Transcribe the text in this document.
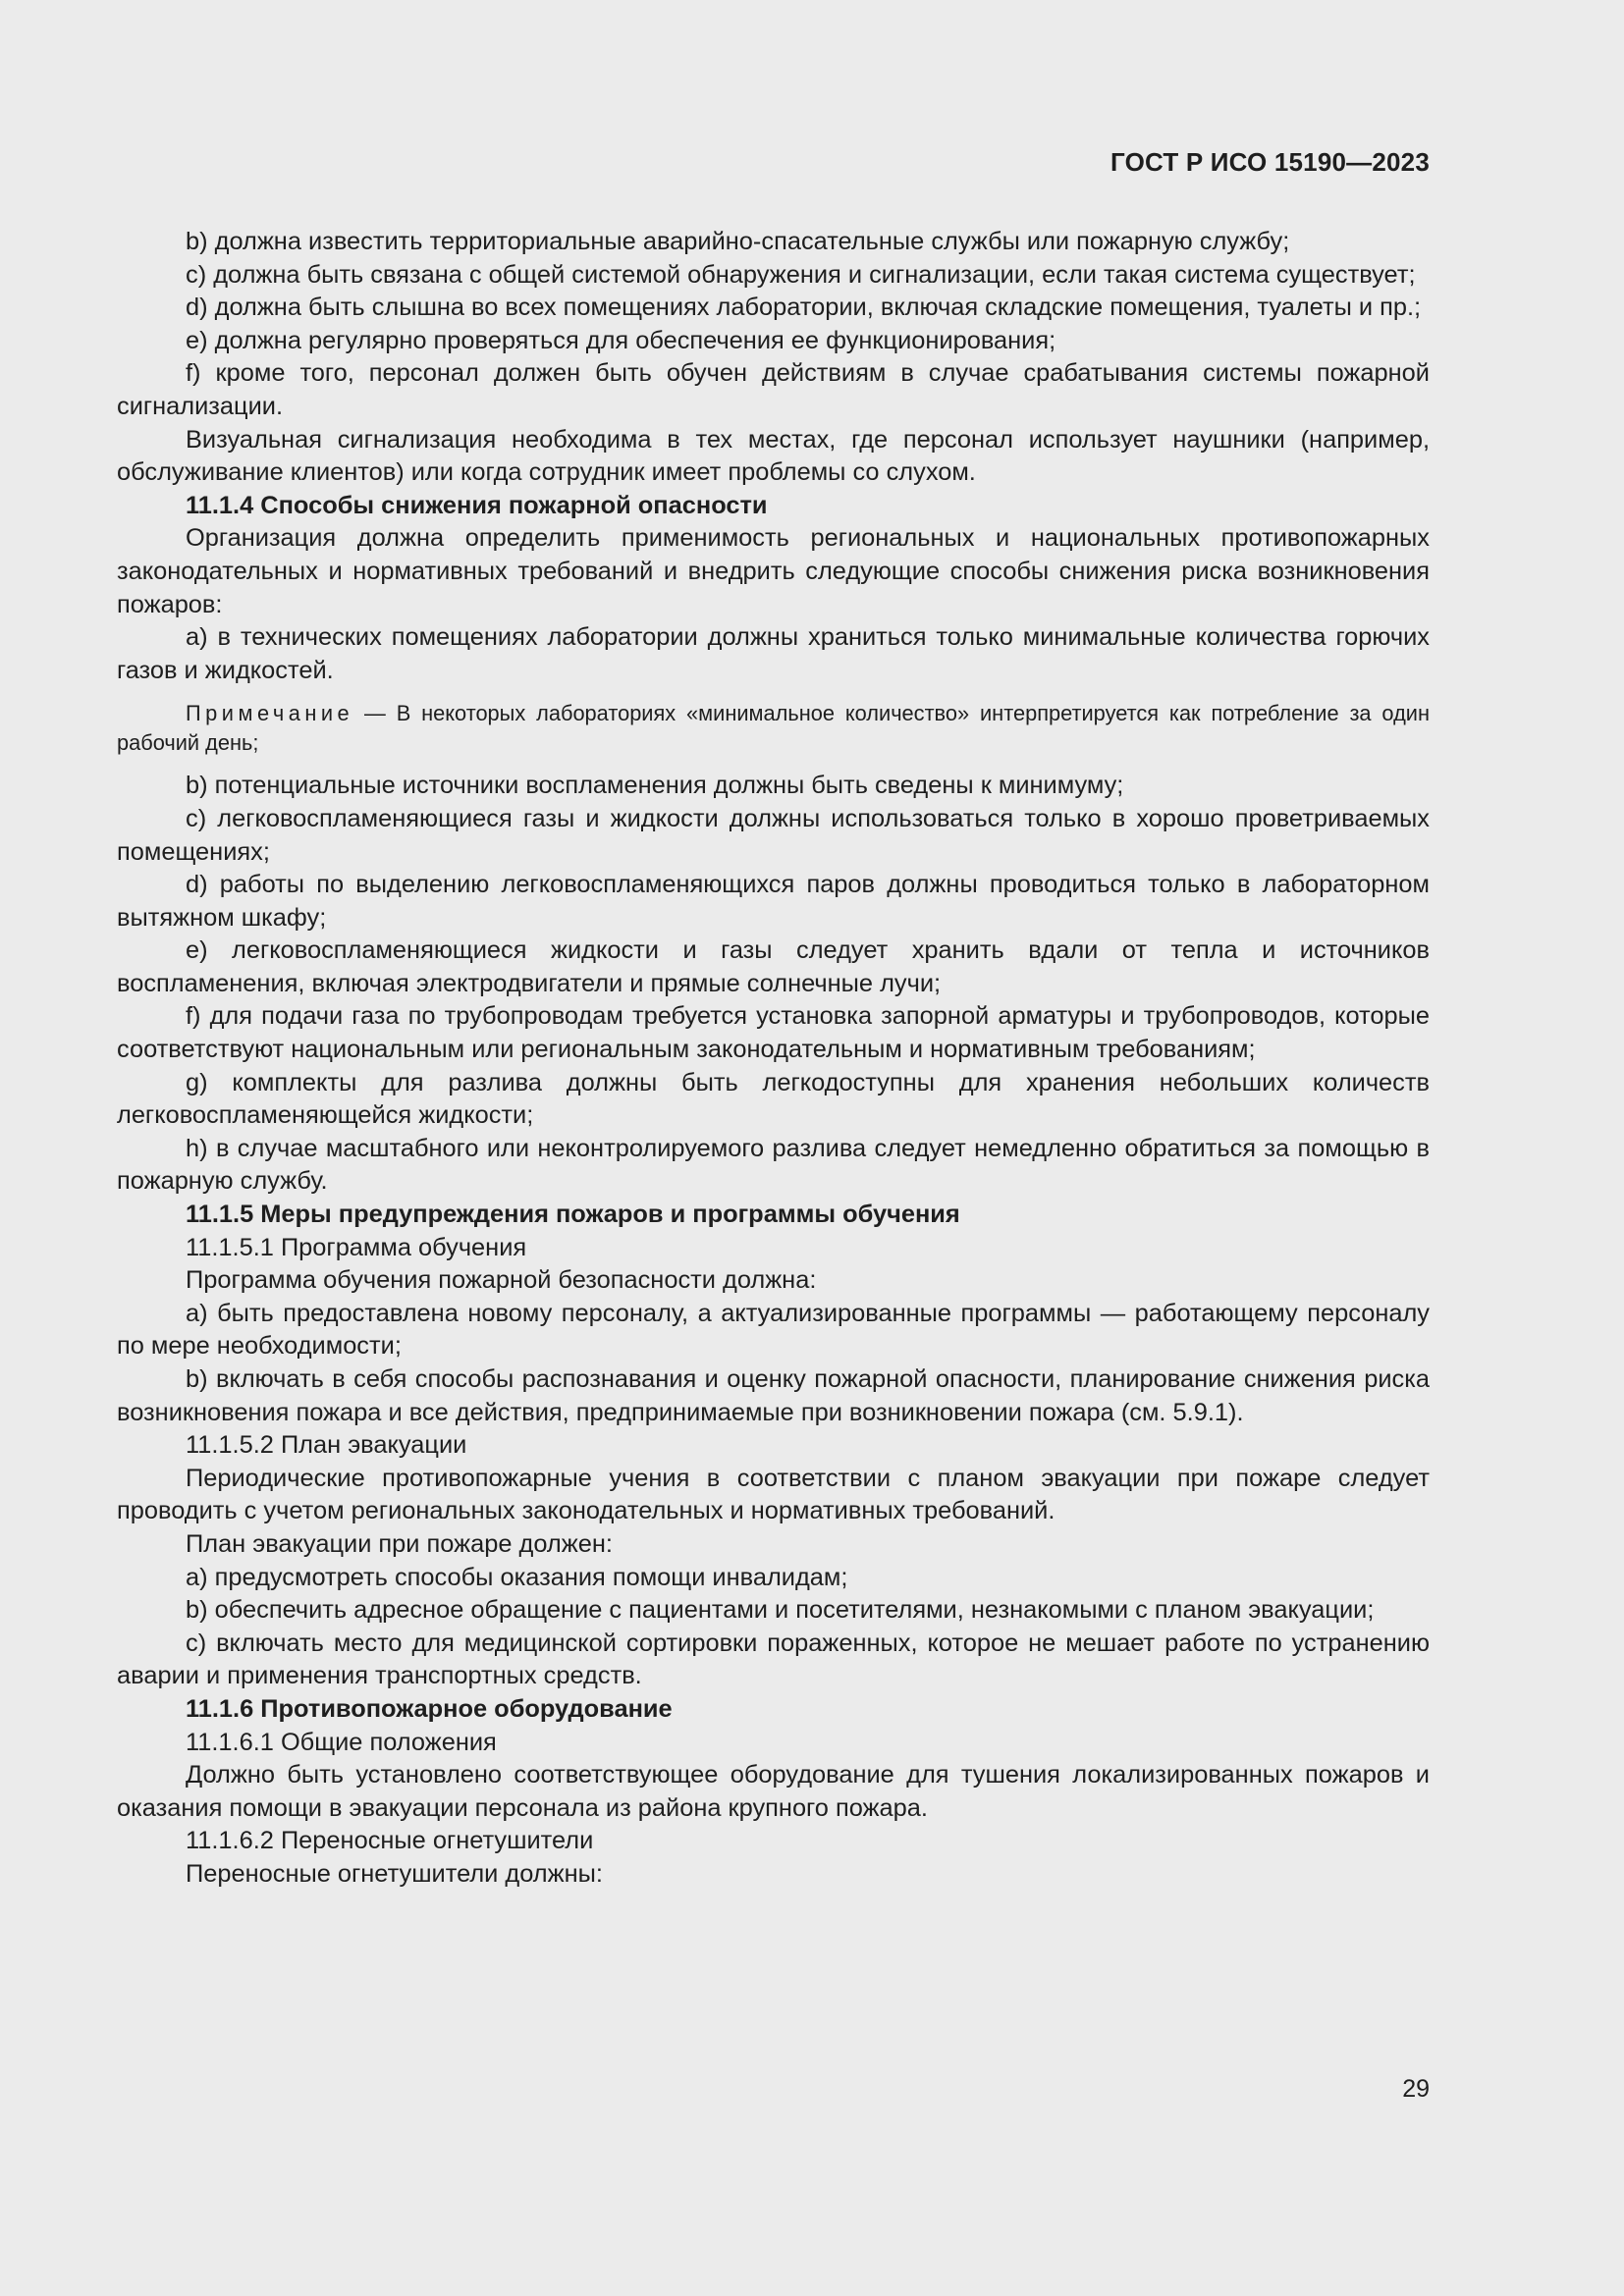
ГОСТ Р ИСО 15190—2023

b) должна известить территориальные аварийно-спасательные службы или пожарную службу;

c) должна быть связана с общей системой обнаружения и сигнализации, если такая система существует;

d) должна быть слышна во всех помещениях лаборатории, включая складские помещения, туалеты и пр.;

e) должна регулярно проверяться для обеспечения ее функционирования;

f) кроме того, персонал должен быть обучен действиям в случае срабатывания системы пожарной сигнализации.

Визуальная сигнализация необходима в тех местах, где персонал использует наушники (например, обслуживание клиентов) или когда сотрудник имеет проблемы со слухом.

11.1.4 Способы снижения пожарной опасности

Организация должна определить применимость региональных и национальных противопожарных законодательных и нормативных требований и внедрить следующие способы снижения риска возникновения пожаров:

a) в технических помещениях лаборатории должны храниться только минимальные количества горючих газов и жидкостей.

Примечание — В некоторых лабораториях «минимальное количество» интерпретируется как потребление за один рабочий день;

b) потенциальные источники воспламенения должны быть сведены к минимуму;

c) легковоспламеняющиеся газы и жидкости должны использоваться только в хорошо проветриваемых помещениях;

d) работы по выделению легковоспламеняющихся паров должны проводиться только в лабораторном вытяжном шкафу;

e) легковоспламеняющиеся жидкости и газы следует хранить вдали от тепла и источников воспламенения, включая электродвигатели и прямые солнечные лучи;

f) для подачи газа по трубопроводам требуется установка запорной арматуры и трубопроводов, которые соответствуют национальным или региональным законодательным и нормативным требованиям;

g) комплекты для разлива должны быть легкодоступны для хранения небольших количеств легковоспламеняющейся жидкости;

h) в случае масштабного или неконтролируемого разлива следует немедленно обратиться за помощью в пожарную службу.

11.1.5 Меры предупреждения пожаров и программы обучения

11.1.5.1 Программа обучения

Программа обучения пожарной безопасности должна:

a) быть предоставлена новому персоналу, а актуализированные программы — работающему персоналу по мере необходимости;

b) включать в себя способы распознавания и оценку пожарной опасности, планирование снижения риска возникновения пожара и все действия, предпринимаемые при возникновении пожара (см. 5.9.1).

11.1.5.2 План эвакуации

Периодические противопожарные учения в соответствии с планом эвакуации при пожаре следует проводить с учетом региональных законодательных и нормативных требований.

План эвакуации при пожаре должен:

a) предусмотреть способы оказания помощи инвалидам;

b) обеспечить адресное обращение с пациентами и посетителями, незнакомыми с планом эвакуации;

c) включать место для медицинской сортировки пораженных, которое не мешает работе по устранению аварии и применения транспортных средств.

11.1.6 Противопожарное оборудование

11.1.6.1 Общие положения

Должно быть установлено соответствующее оборудование для тушения локализированных пожаров и оказания помощи в эвакуации персонала из района крупного пожара.

11.1.6.2 Переносные огнетушители

Переносные огнетушители должны:

29
